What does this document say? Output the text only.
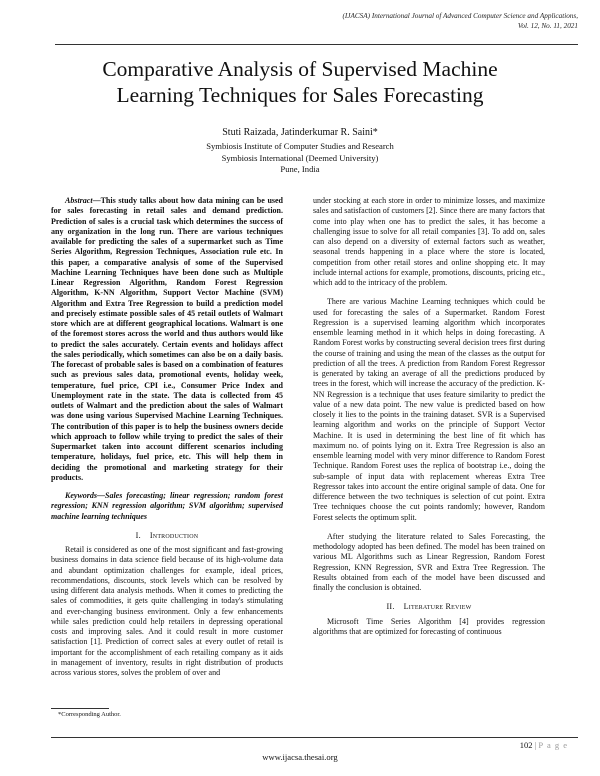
(IJACSA) International Journal of Advanced Computer Science and Applications,
Vol. 12, No. 11, 2021
Comparative Analysis of Supervised Machine
Learning Techniques for Sales Forecasting
Stuti Raizada, Jatinderkumar R. Saini*
Symbiosis Institute of Computer Studies and Research
Symbiosis International (Deemed University)
Pune, India

Abstract—This study talks about how data mining can be used for sales forecasting in retail sales and demand prediction. Prediction of sales is a crucial task which determines the success of any organization in the long run. There are various techniques available for predicting the sales of a supermarket such as Time Series Algorithm, Regression Techniques, Association rule etc. In this paper, a comparative analysis of some of the Supervised Machine Learning Techniques have been done such as Multiple Linear Regression Algorithm, Random Forest Regression Algorithm, K-NN Algorithm, Support Vector Machine (SVM) Algorithm and Extra Tree Regression to build a prediction model and precisely estimate possible sales of 45 retail outlets of Walmart store which are at different geographical locations. Walmart is one of the foremost stores across the world and thus authors would like to predict the sales accurately. Certain events and holidays affect the sales periodically, which sometimes can also be on a daily basis. The forecast of probable sales is based on a combination of features such as previous sales data, promotional events, holiday week, temperature, fuel price, CPI i.e., Consumer Price Index and Unemployment rate in the state. The data is collected from 45 outlets of Walmart and the prediction about the sales of Walmart was done using various Supervised Machine Learning Techniques. The contribution of this paper is to help the business owners decide which approach to follow while trying to predict the sales of their Supermarket taken into account different scenarios including temperature, holidays, fuel price, etc. This will help them in deciding the promotional and marketing strategy for their products.

Keywords—Sales forecasting; linear regression; random forest regression; KNN regression algorithm; SVM algorithm; supervised machine learning techniques

I. Introduction

Retail is considered as one of the most significant and fast-growing business domains in data science field because of its high-volume data and abundant optimization challenges for example, ideal prices, recommendations, discounts, stock levels which can be resolved by using different data analysis methods. When it comes to predicting the sales of commodities, it gets quite challenging in today's stimulating and ever-changing business environment. Only a few enhancements while sales prediction could help retailers in depressing operational costs and improving sales. And it could result in more customer satisfaction [1]. Prediction of correct sales at every outlet of retail is important for the accomplishment of each retailing company as it aids in management of inventory, results in right distribution of products across various stores, solves the problem of over and

under stocking at each store in order to minimize losses, and maximize sales and satisfaction of customers [2]. Since there are many factors that come into play when one has to predict the sales, it has become a challenging issue to solve for all retail companies [3]. To add on, sales can also depend on a diversity of external factors such as weather, seasonal trends happening in a place where the store is located, competition from other retail stores and online shopping etc. It may include internal actions for example, promotions, discounts, pricing etc., which add to the intricacy of the problem.

There are various Machine Learning techniques which could be used for forecasting the sales of a Supermarket. Random Forest Regression is a supervised learning algorithm which incorporates ensemble learning method in it which helps in doing forecasting. A Random Forest works by constructing several decision trees first during the course of training and using the mean of the classes as the output for prediction of all the trees. A prediction from Random Forest Regressor is generated by taking an average of all the predictions produced by trees in the forest, which will increase the accuracy of the prediction. K-NN Regression is a technique that uses feature similarity to predict the value of a new data point. The new value is predicted based on how closely it lies to the points in the training dataset. SVR is a Supervised learning algorithm and works on the principle of Support Vector Machine. It is used in determining the best line of fit which has maximum no. of points lying on it. Extra Tree Regression is also an ensemble learning model with very minor difference to Random Forest Technique. Random Forest uses the replica of bootstrap i.e., doing the sub-sample of input data with replacement whereas Extra Tree Regressor takes into account the entire original sample of data. One for difference between the two techniques is selection of cut point. Extra Tree techniques choose the cut points randomly; however, Random Forest selects the optimum split.

After studying the literature related to Sales Forecasting, the methodology adopted has been defined. The model has been trained on various ML Algorithms such as Linear Regression, Random Forest Regression, KNN Regression, SVR and Extra Tree Regression. The Results obtained from each of the model have been discussed and finally the conclusion is obtained.

II. Literature Review

Microsoft Time Series Algorithm [4] provides regression algorithms that are optimized for forecasting of continuous

*Corresponding Author.
102 | P a g e
www.ijacsa.thesai.org
